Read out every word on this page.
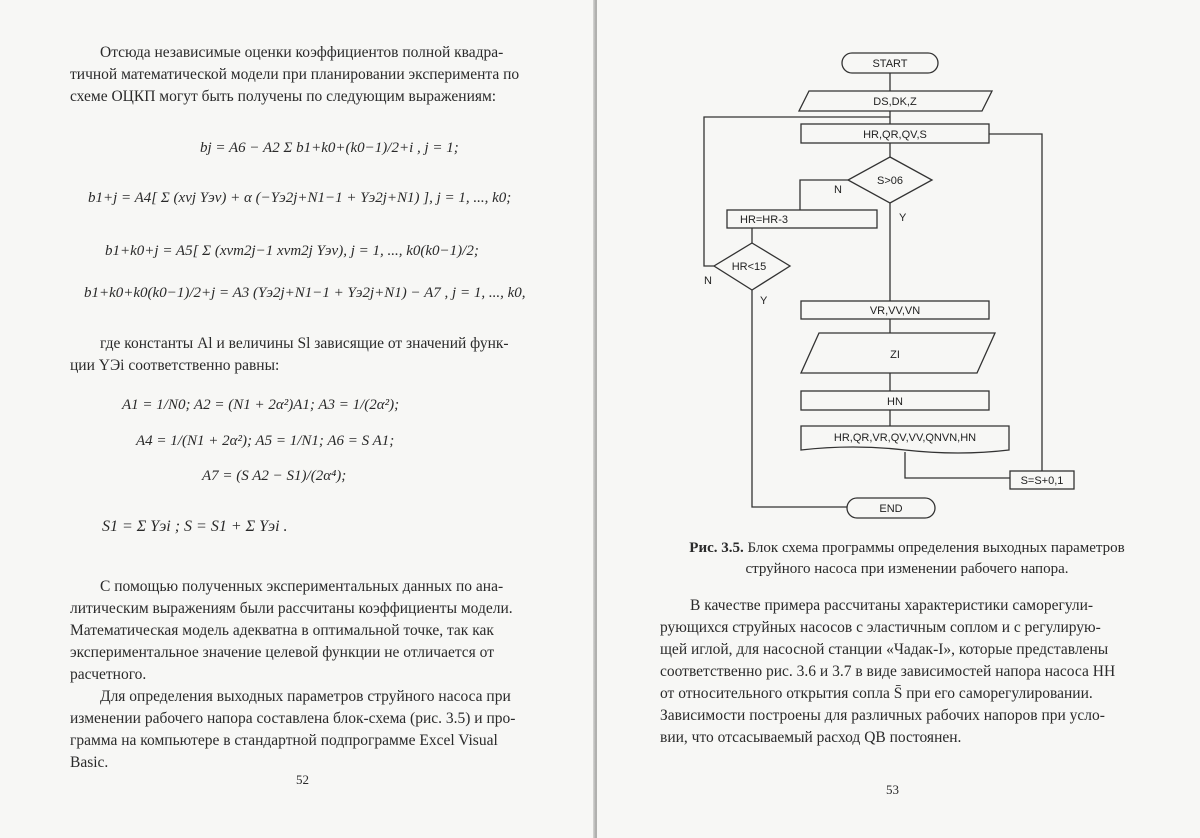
Отсюда независимые оценки коэффициентов полной квадра-
тичной математической модели при планировании эксперимента по
схеме ОЦКП могут быть получены по следующим выражениям:
bj = A6 − A2 Σ b1+k0+(k0−1)/2+i , j = 1;
b1+j = A4[ Σ (xνj Yэν) + α (−Yэ2j+N1−1 + Yэ2j+N1) ], j = 1, ..., k0;
b1+k0+j = A5[ Σ (xνm2j−1 xνm2j Yэν), j = 1, ..., k0(k0−1)/2;
b1+k0+k0(k0−1)/2+j = A3 (Yэ2j+N1−1 + Yэ2j+N1) − A7 , j = 1, ..., k0,
где константы Al и величины Sl зависящие от значений функ-
ции YЭi соответственно равны:
A1 = 1/N0; A2 = (N1 + 2α²)A1; A3 = 1/(2α²);
A4 = 1/(N1 + 2α²); A5 = 1/N1; A6 = S A1;
A7 = (S A2 − S1)/(2α⁴);
S1 = Σ Yэi ; S = S1 + Σ Yэi .
С помощью полученных экспериментальных данных по ана-
литическим выражениям были рассчитаны коэффициенты модели.
Математическая модель адекватна в оптимальной точке, так как
экспериментальное значение целевой функции не отличается от
расчетного.
Для определения выходных параметров струйного насоса при
изменении рабочего напора составлена блок-схема (рис. 3.5) и про-
грамма на компьютере в стандартной подпрограмме Excel Visual
Basic.
52
START
DS,DK,Z
HR,QR,QV,S
S>06
N
Y
HR=HR-3
HR<15
N
Y
VR,VV,VN
ZI
HN
HR,QR,VR,QV,VV,QNVN,HN
S=S+0,1
END
Рис. 3.5. Блок схема программы определения выходных параметров
струйного насоса при изменении рабочего напора.
В качестве примера рассчитаны характеристики саморегули-
рующихся струйных насосов с эластичным соплом и с регулирую-
щей иглой, для насосной станции «Чадак-I», которые представлены
соответственно рис. 3.6 и 3.7 в виде зависимостей напора насоса HH
от относительного открытия сопла S̄ при его саморегулировании.
Зависимости построены для различных рабочих напоров при усло-
вии, что отсасываемый расход QB постоянен.
53
